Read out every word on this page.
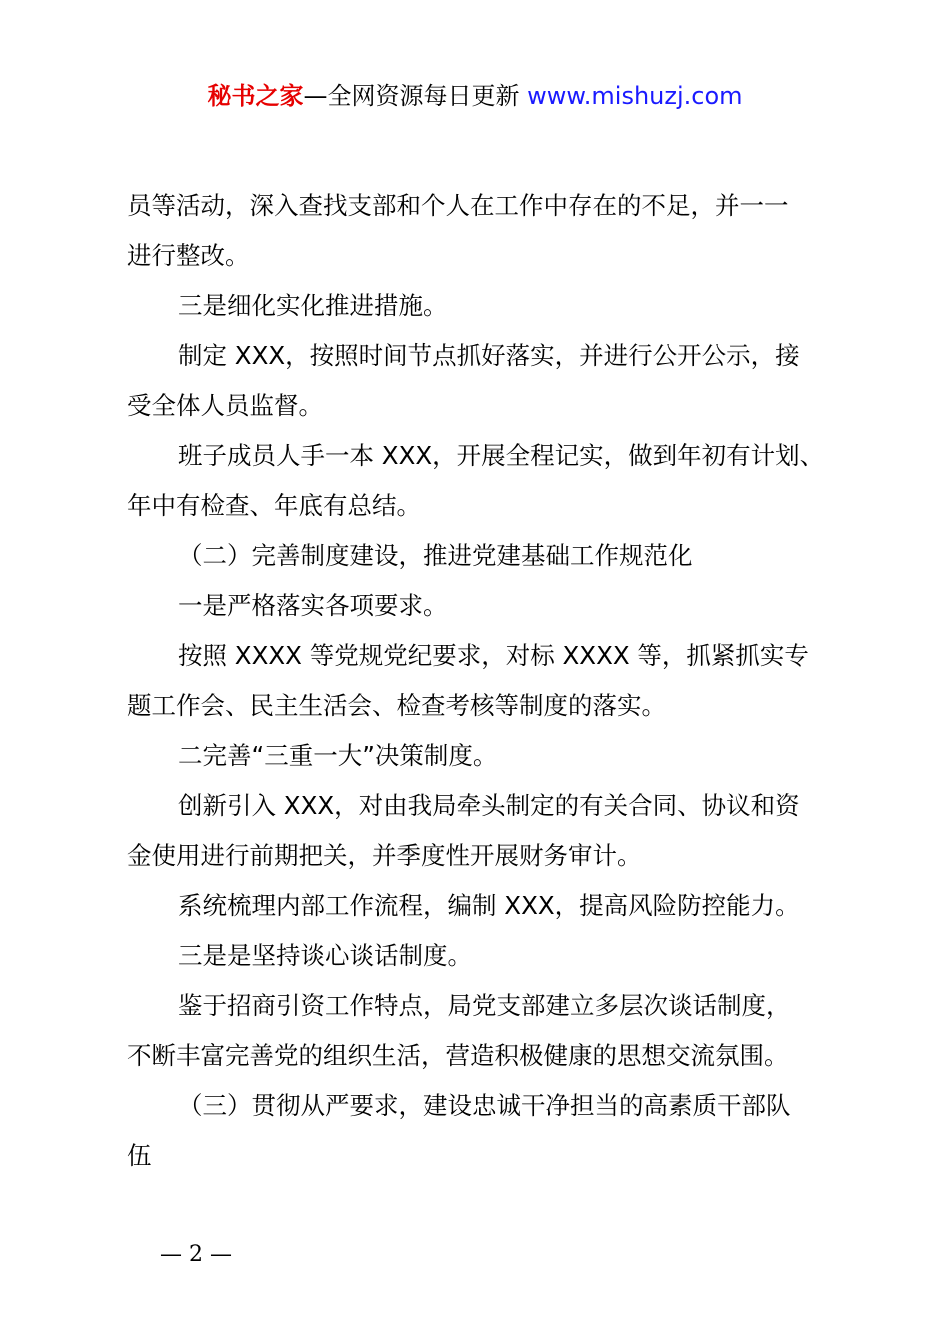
秘书之家—全网资源每日更新 www.mishuzj.com

员等活动，深入查找支部和个人在工作中存在的不足，并一一

进行整改。

三是细化实化推进措施。

制定 XXX，按照时间节点抓好落实，并进行公开公示，接

受全体人员监督。

班子成员人手一本 XXX，开展全程记实，做到年初有计划、

年中有检查、年底有总结。

（二）完善制度建设，推进党建基础工作规范化

一是严格落实各项要求。

按照 XXXX 等党规党纪要求，对标 XXXX 等，抓紧抓实专

题工作会、民主生活会、检查考核等制度的落实。

二完善“三重一大”决策制度。

创新引入 XXX，对由我局牵头制定的有关合同、协议和资

金使用进行前期把关，并季度性开展财务审计。

系统梳理内部工作流程，编制 XXX，提高风险防控能力。

三是是坚持谈心谈话制度。

鉴于招商引资工作特点，局党支部建立多层次谈话制度，

不断丰富完善党的组织生活，营造积极健康的思想交流氛围。

（三）贯彻从严要求，建设忠诚干净担当的高素质干部队

伍

— 2 —
